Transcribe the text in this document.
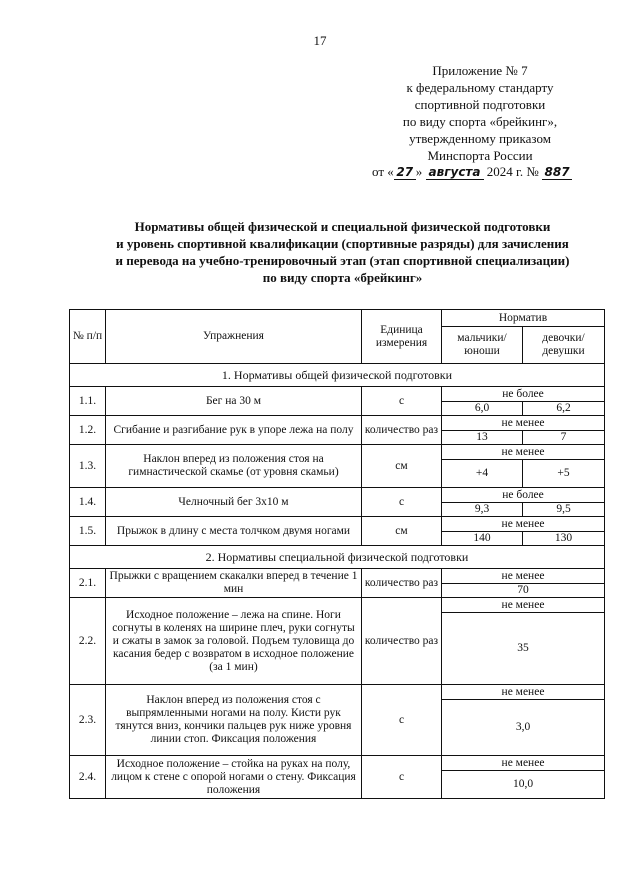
17
Приложение № 7
к федеральному стандарту
спортивной подготовки
по виду спорта «брейкинг»,
утвержденному приказом
Минспорта России
от « 27 » августа 2024 г. № 887
Нормативы общей физической и специальной физической подготовки
и уровень спортивной квалификации (спортивные разряды) для зачисления
и перевода на учебно-тренировочный этап (этап спортивной специализации)
по виду спорта «брейкинг»
№ п/п	Упражнения	Единица измерения	Норматив	
			мальчики/ юноши	девочки/ девушки
1. Нормативы общей физической подготовки				
1.1.	Бег на 30 м	с	не более	
			6,0	6,2
1.2.	Сгибание и разгибание рук в упоре лежа на полу	количество раз	не менее	
			13	7
1.3.	Наклон вперед из положения стоя на гимнастической скамье (от уровня скамьи)	см	не менее	
			+4	+5
1.4.	Челночный бег 3х10 м	с	не более	
			9,3	9,5
1.5.	Прыжок в длину с места толчком двумя ногами	см	не менее	
			140	130
2. Нормативы специальной физической подготовки				
2.1.	Прыжки с вращением скакалки вперед в течение 1 мин	количество раз	не менее	
			70	
2.2.	Исходное положение – лежа на спине. Ноги согнуты в коленях на ширине плеч, руки согнуты и сжаты в замок за головой. Подъем туловища до касания бедер с возвратом в исходное положение (за 1 мин)	количество раз	не менее	
			35	
2.3.	Наклон вперед из положения стоя с выпрямленными ногами на полу. Кисти рук тянутся вниз, кончики пальцев рук ниже уровня линии стоп. Фиксация положения	с	не менее	
			3,0	
2.4.	Исходное положение – стойка на руках на полу, лицом к стене с опорой ногами о стену. Фиксация положения	с	не менее	
			10,0	
